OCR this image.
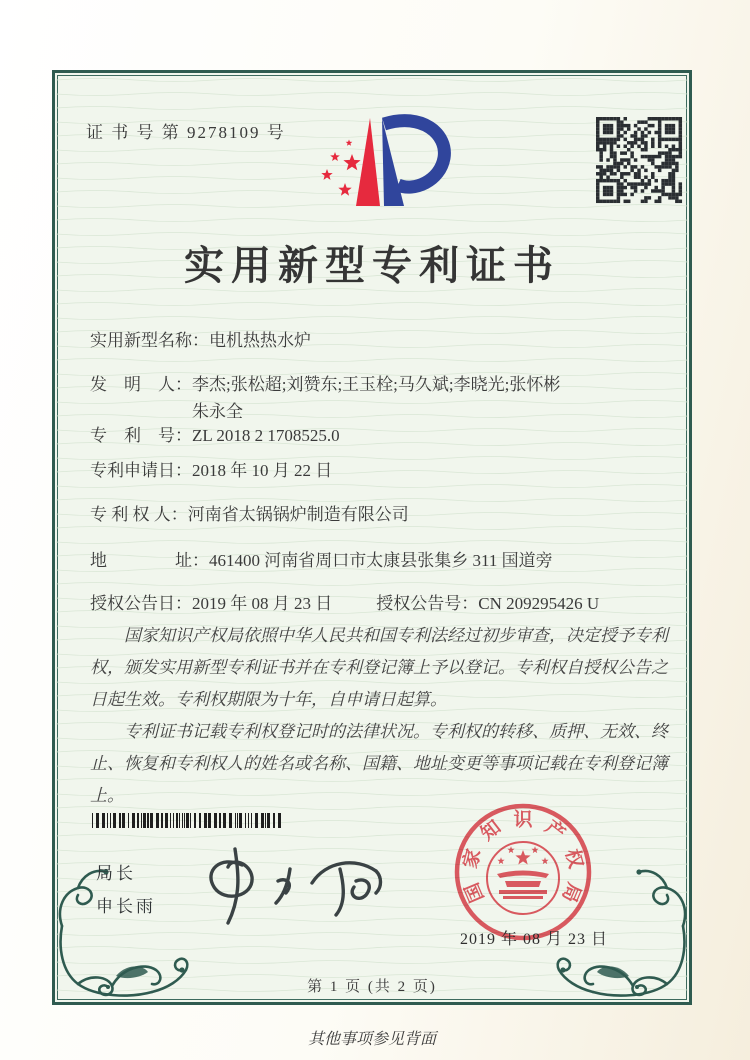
证 书 号 第 9278109 号
实用新型专利证书
实用新型名称： 电机热热水炉
发　明　人： 李杰;张松超;刘赞东;王玉栓;马久斌;李晓光;张怀彬
朱永全
专　利　号： ZL 2018 2 1708525.0
专利申请日： 2018 年 10 月 22 日
专 利 权 人： 河南省太锅锅炉制造有限公司
地　　　　址： 461400 河南省周口市太康县张集乡 311 国道旁
授权公告日： 2019 年 08 月 23 日	授权公告号： CN 209295426 U

国家知识产权局依照中华人民共和国专利法经过初步审查，决定授予专利权，颁发实用新型专利证书并在专利登记簿上予以登记。专利权自授权公告之日起生效。专利权期限为十年，自申请日起算。

专利证书记载专利权登记时的法律状况。专利权的转移、质押、无效、终止、恢复和专利权人的姓名或名称、国籍、地址变更等事项记载在专利登记簿上。

局长
申长雨
国
家
知 识 产
权
局
2019 年 08 月 23 日
第 1 页 (共 2 页)
其他事项参见背面
